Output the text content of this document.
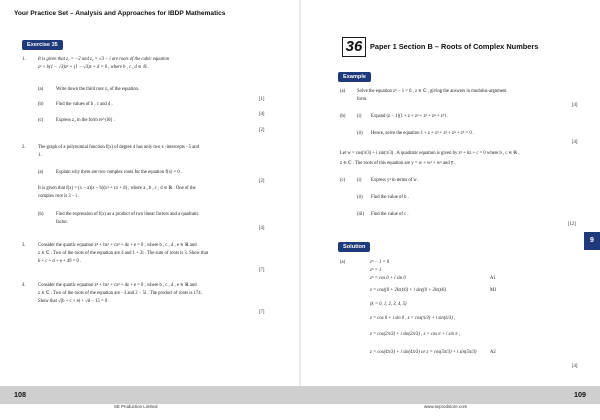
Your Practice Set – Analysis and Approaches for IBDP Mathematics
Exercise 35
1.	It is given that z₁ = −2 and z₂ = √3 − i are roots of the cubic equation
z³ + b(1 − √3)z² + (1 − √3)z + d = 0 , where b , c , d ∈ ℝ .
(a)	Write down the third root z₃ of the equation.
[1]
(b)	Find the values of b , c and d .
[4]
(c)	Express z₂ in the form re^{iθ} .
[2]
2.	The graph of a polynomial function f(x) of degree 4 has only two x -intercepts −5 and
1.
(a)	Explain why there are two complex roots for the equation f(x) = 0 .
[2]
It is given that f(x) = (x − a)(x − b)(x² + cx + d) , where a , b , c , d ∈ ℝ . One of the
complex root is 3 − i .
(b)	Find the expression of f(x) as a product of two linear factors and a quadratic
factor.
[4]
3.	Consider the quartic equation z⁴ + bz³ + cz² + dz + e = 0 , where b , c , d , e ∈ ℝ and
z ∈ ℂ . Two of the roots of the equation are 4 and 1 + 2i . The sum of roots is 3. Show that
b + c + d + e + 49 = 0 .
[7]
4.	Consider the quartic equation z⁴ + bz³ + cz² + dz + e = 0 , where b , c , d , e ∈ ℝ and
z ∈ ℂ . Two of the roots of the equation are −3 and 2 − 5i . The product of roots is 174.
Show that √(b + c + e) + √d − 15 = 0 .
[7]
36	Paper 1 Section B – Roots of Complex Numbers
Example
(a)	Solve the equation z⁵ − 1 = 0 , z ∈ ℂ , giving the answers in modulus-argument
form.
[4]
(b) (i) Expand (z − 1)(1 + z + z² + z³ + z⁴ + z⁵) .
(ii) Hence, solve the equation 1 + z + z² + z³ + z⁴ + z⁵ = 0 .
[4]
Let w = cos(π/3) + i sin(π/3) . A quadratic equation is given by z² + bz + c = 0 where b , c ∈ ℝ ,
z ∈ ℂ . The roots of this equation are y = w + w³ + w⁵ and y̅ .
(c)	(i) Express y² in terms of w .
(ii) Find the value of b .
(iii) Find the value of c .
[12]
9
Solution
(a)	z⁵ − 1 = 0
z⁵ = 1
z⁵ = cos 0 + i sin 0	A1
z = cos((0 + 2kπ)/6) + i sin((0 + 2kπ)/6)	M1
(k = 0, 1, 2, 3, 4, 5)
z = cos 0 + i sin 0 , z = cos(π/3) + i sin(π/3) ,
z = cos(2π/3) + i sin(2π/3) , z = cos π + i sin π ,
z = cos(4π/3) + i sin(4π/3) or z = cos(5π/3) + i sin(5π/3)	A2
[4]
108	109
SE Production Limited	www.seprodstore.com
